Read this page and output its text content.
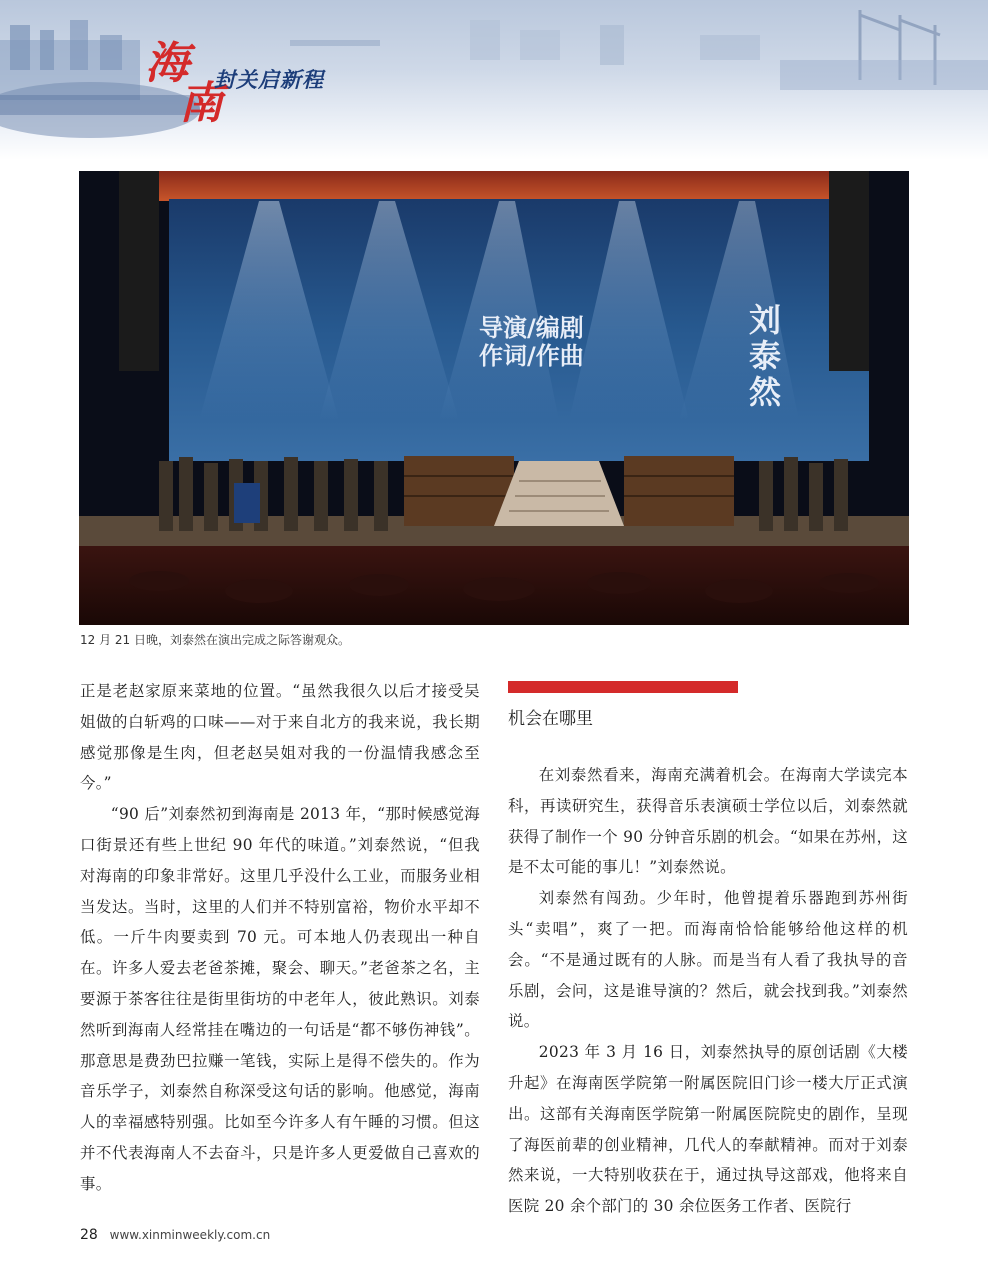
海
南
封关启新程
导演/编剧
作词/作曲
刘
泰
然
12 月 21 日晚，刘泰然在演出完成之际答谢观众。

正是老赵家原来菜地的位置。“虽然我很久以后才接受吴姐做的白斩鸡的口味——对于来自北方的我来说，我长期感觉那像是生肉，但老赵吴姐对我的一份温情我感念至今。”

“90 后”刘泰然初到海南是 2013 年，“那时候感觉海口街景还有些上世纪 90 年代的味道。”刘泰然说，“但我对海南的印象非常好。这里几乎没什么工业，而服务业相当发达。当时，这里的人们并不特别富裕，物价水平却不低。一斤牛肉要卖到 70 元。可本地人仍表现出一种自在。许多人爱去老爸茶摊，聚会、聊天。”老爸茶之名，主要源于茶客往往是街里街坊的中老年人，彼此熟识。刘泰然听到海南人经常挂在嘴边的一句话是“都不够伤神钱”。那意思是费劲巴拉赚一笔钱，实际上是得不偿失的。作为音乐学子，刘泰然自称深受这句话的影响。他感觉，海南人的幸福感特别强。比如至今许多人有午睡的习惯。但这并不代表海南人不去奋斗，只是许多人更爱做自己喜欢的事。

机会在哪里

在刘泰然看来，海南充满着机会。在海南大学读完本科，再读研究生，获得音乐表演硕士学位以后，刘泰然就获得了制作一个 90 分钟音乐剧的机会。“如果在苏州，这是不太可能的事儿！”刘泰然说。

刘泰然有闯劲。少年时，他曾提着乐器跑到苏州街头“卖唱”，爽了一把。而海南恰恰能够给他这样的机会。“不是通过既有的人脉。而是当有人看了我执导的音乐剧，会问，这是谁导演的？然后，就会找到我。”刘泰然说。

2023 年 3 月 16 日，刘泰然执导的原创话剧《大楼升起》在海南医学院第一附属医院旧门诊一楼大厅正式演出。这部有关海南医学院第一附属医院院史的剧作，呈现了海医前辈的创业精神，几代人的奉献精神。而对于刘泰然来说，一大特别收获在于，通过执导这部戏，他将来自医院 20 余个部门的 30 余位医务工作者、医院行

28 www.xinminweekly.com.cn
